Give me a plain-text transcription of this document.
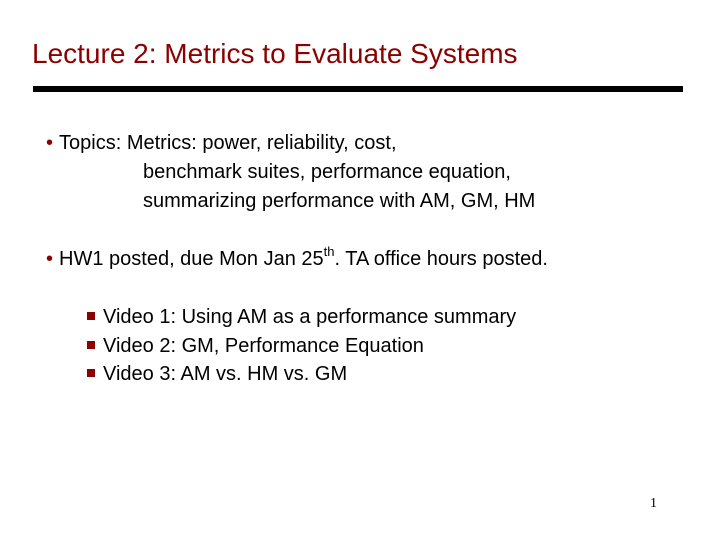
Lecture 2: Metrics to Evaluate Systems
• Topics: Metrics: power, reliability, cost,
benchmark suites, performance equation,
summarizing performance with AM, GM, HM
• HW1 posted, due Mon Jan 25th. TA office hours posted.
Video 1: Using AM as a performance summary
Video 2: GM, Performance Equation
Video 3: AM vs. HM vs. GM
1
